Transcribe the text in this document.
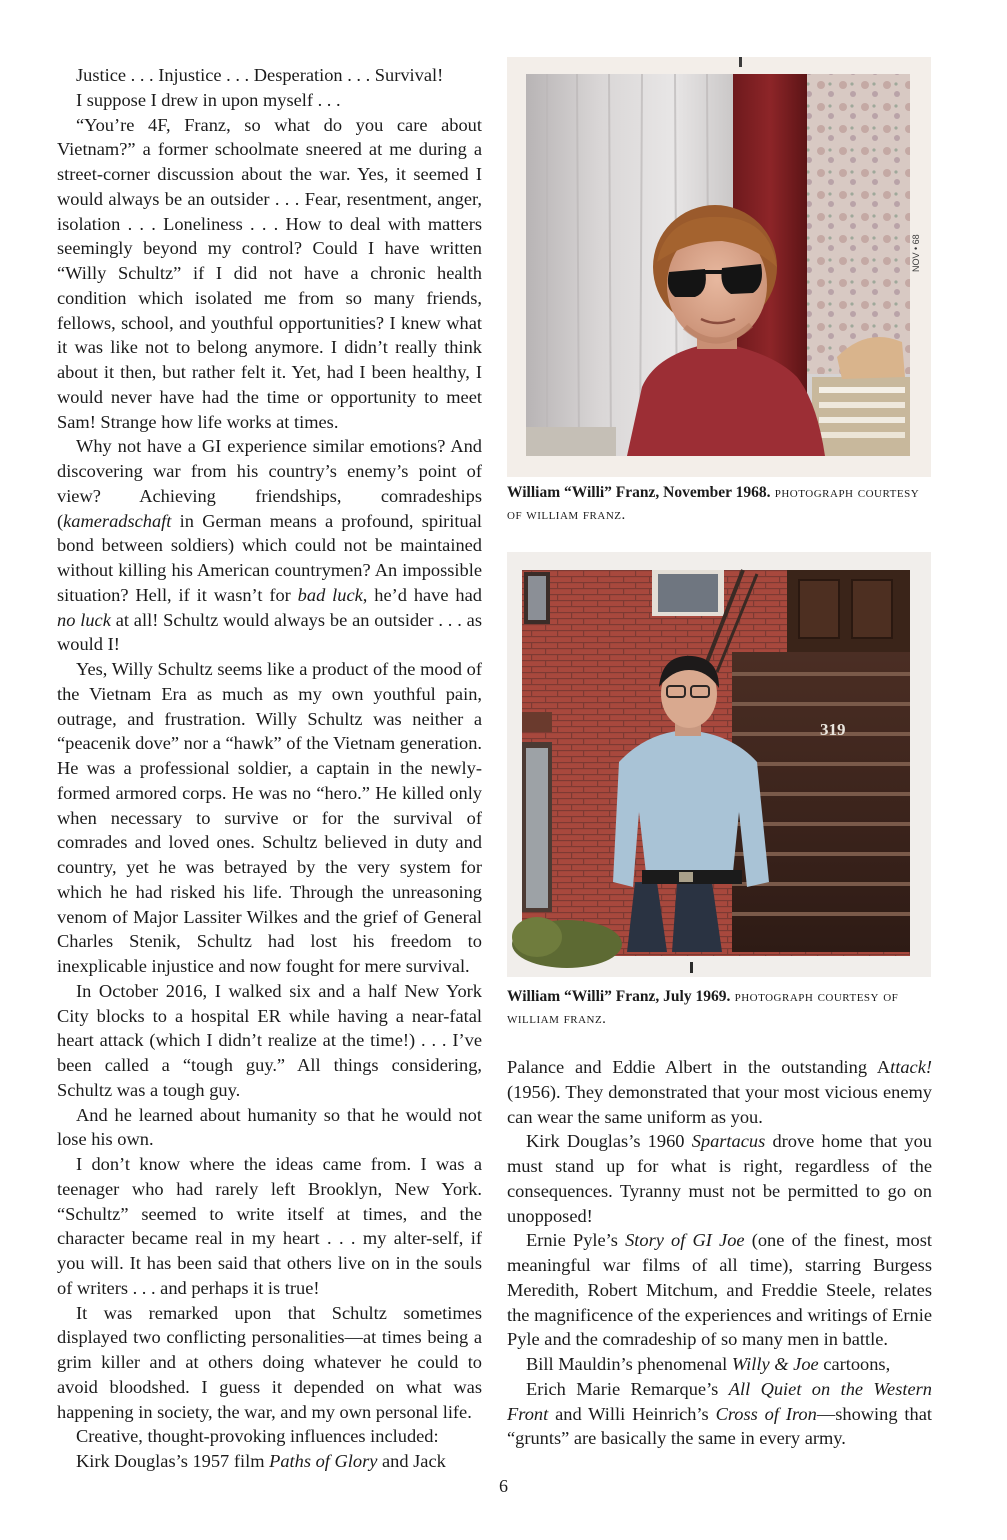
Justice . . . Injustice . . . Desperation . . . Survival!

I suppose I drew in upon myself . . .

“You’re 4F, Franz, so what do you care about Vietnam?” a former schoolmate sneered at me during a street-corner discussion about the war. Yes, it seemed I would always be an outsider . . . Fear, resentment, anger, isolation . . . Loneliness . . . How to deal with matters seemingly beyond my control? Could I have written “Willy Schultz” if I did not have a chronic health condition which isolated me from so many friends, fellows, school, and youthful opportunities? I knew what it was like not to belong anymore. I didn’t really think about it then, but rather felt it. Yet, had I been healthy, I would never have had the time or opportunity to meet Sam! Strange how life works at times.

Why not have a GI experience similar emotions? And discovering war from his country’s enemy’s point of view? Achieving friendships, comradeships (kameradschaft in German means a profound, spiritual bond between soldiers) which could not be maintained without killing his American countrymen? An impossible situation? Hell, if it wasn’t for bad luck, he’d have had no luck at all! Schultz would always be an outsider . . . as would I!

Yes, Willy Schultz seems like a product of the mood of the Vietnam Era as much as my own youthful pain, outrage, and frustration. Willy Schultz was neither a “peacenik dove” nor a “hawk” of the Vietnam generation. He was a professional soldier, a captain in the newly-formed armored corps. He was no “hero.” He killed only when necessary to survive or for the survival of comrades and loved ones. Schultz believed in duty and country, yet he was betrayed by the very system for which he had risked his life. Through the unreasoning venom of Major Lassiter Wilkes and the grief of General Charles Stenik, Schultz had lost his freedom to inexplicable injustice and now fought for mere survival.

In October 2016, I walked six and a half New York City blocks to a hospital ER while having a near-fatal heart attack (which I didn’t realize at the time!) . . . I’ve been called a “tough guy.” All things considering, Schultz was a tough guy.

And he learned about humanity so that he would not lose his own.

I don’t know where the ideas came from. I was a teenager who had rarely left Brooklyn, New York. “Schultz” seemed to write itself at times, and the character became real in my heart . . . my alter-self, if you will. It has been said that others live on in the souls of writers . . . and perhaps it is true!

It was remarked upon that Schultz sometimes displayed two conflicting personalities—at times being a grim killer and at others doing whatever he could to avoid bloodshed. I guess it depended on what was happening in society, the war, and my own personal life.

Creative, thought-provoking influences included:

Kirk Douglas’s 1957 film Paths of Glory and Jack

NOV • 68
William “Willi” Franz, November 1968. photograph courtesy of william franz.
319
William “Willi” Franz, July 1969. photograph courtesy of william franz.

Palance and Eddie Albert in the outstanding Attack! (1956). They demonstrated that your most vicious enemy can wear the same uniform as you.

Kirk Douglas’s 1960 Spartacus drove home that you must stand up for what is right, regardless of the consequences. Tyranny must not be permitted to go on unopposed!

Ernie Pyle’s Story of GI Joe (one of the finest, most meaningful war films of all time), starring Burgess Meredith, Robert Mitchum, and Freddie Steele, relates the magnificence of the experiences and writings of Ernie Pyle and the comradeship of so many men in battle.

Bill Mauldin’s phenomenal Willy & Joe cartoons,

Erich Marie Remarque’s All Quiet on the Western Front and Willi Heinrich’s Cross of Iron—showing that “grunts” are basically the same in every army.

6
